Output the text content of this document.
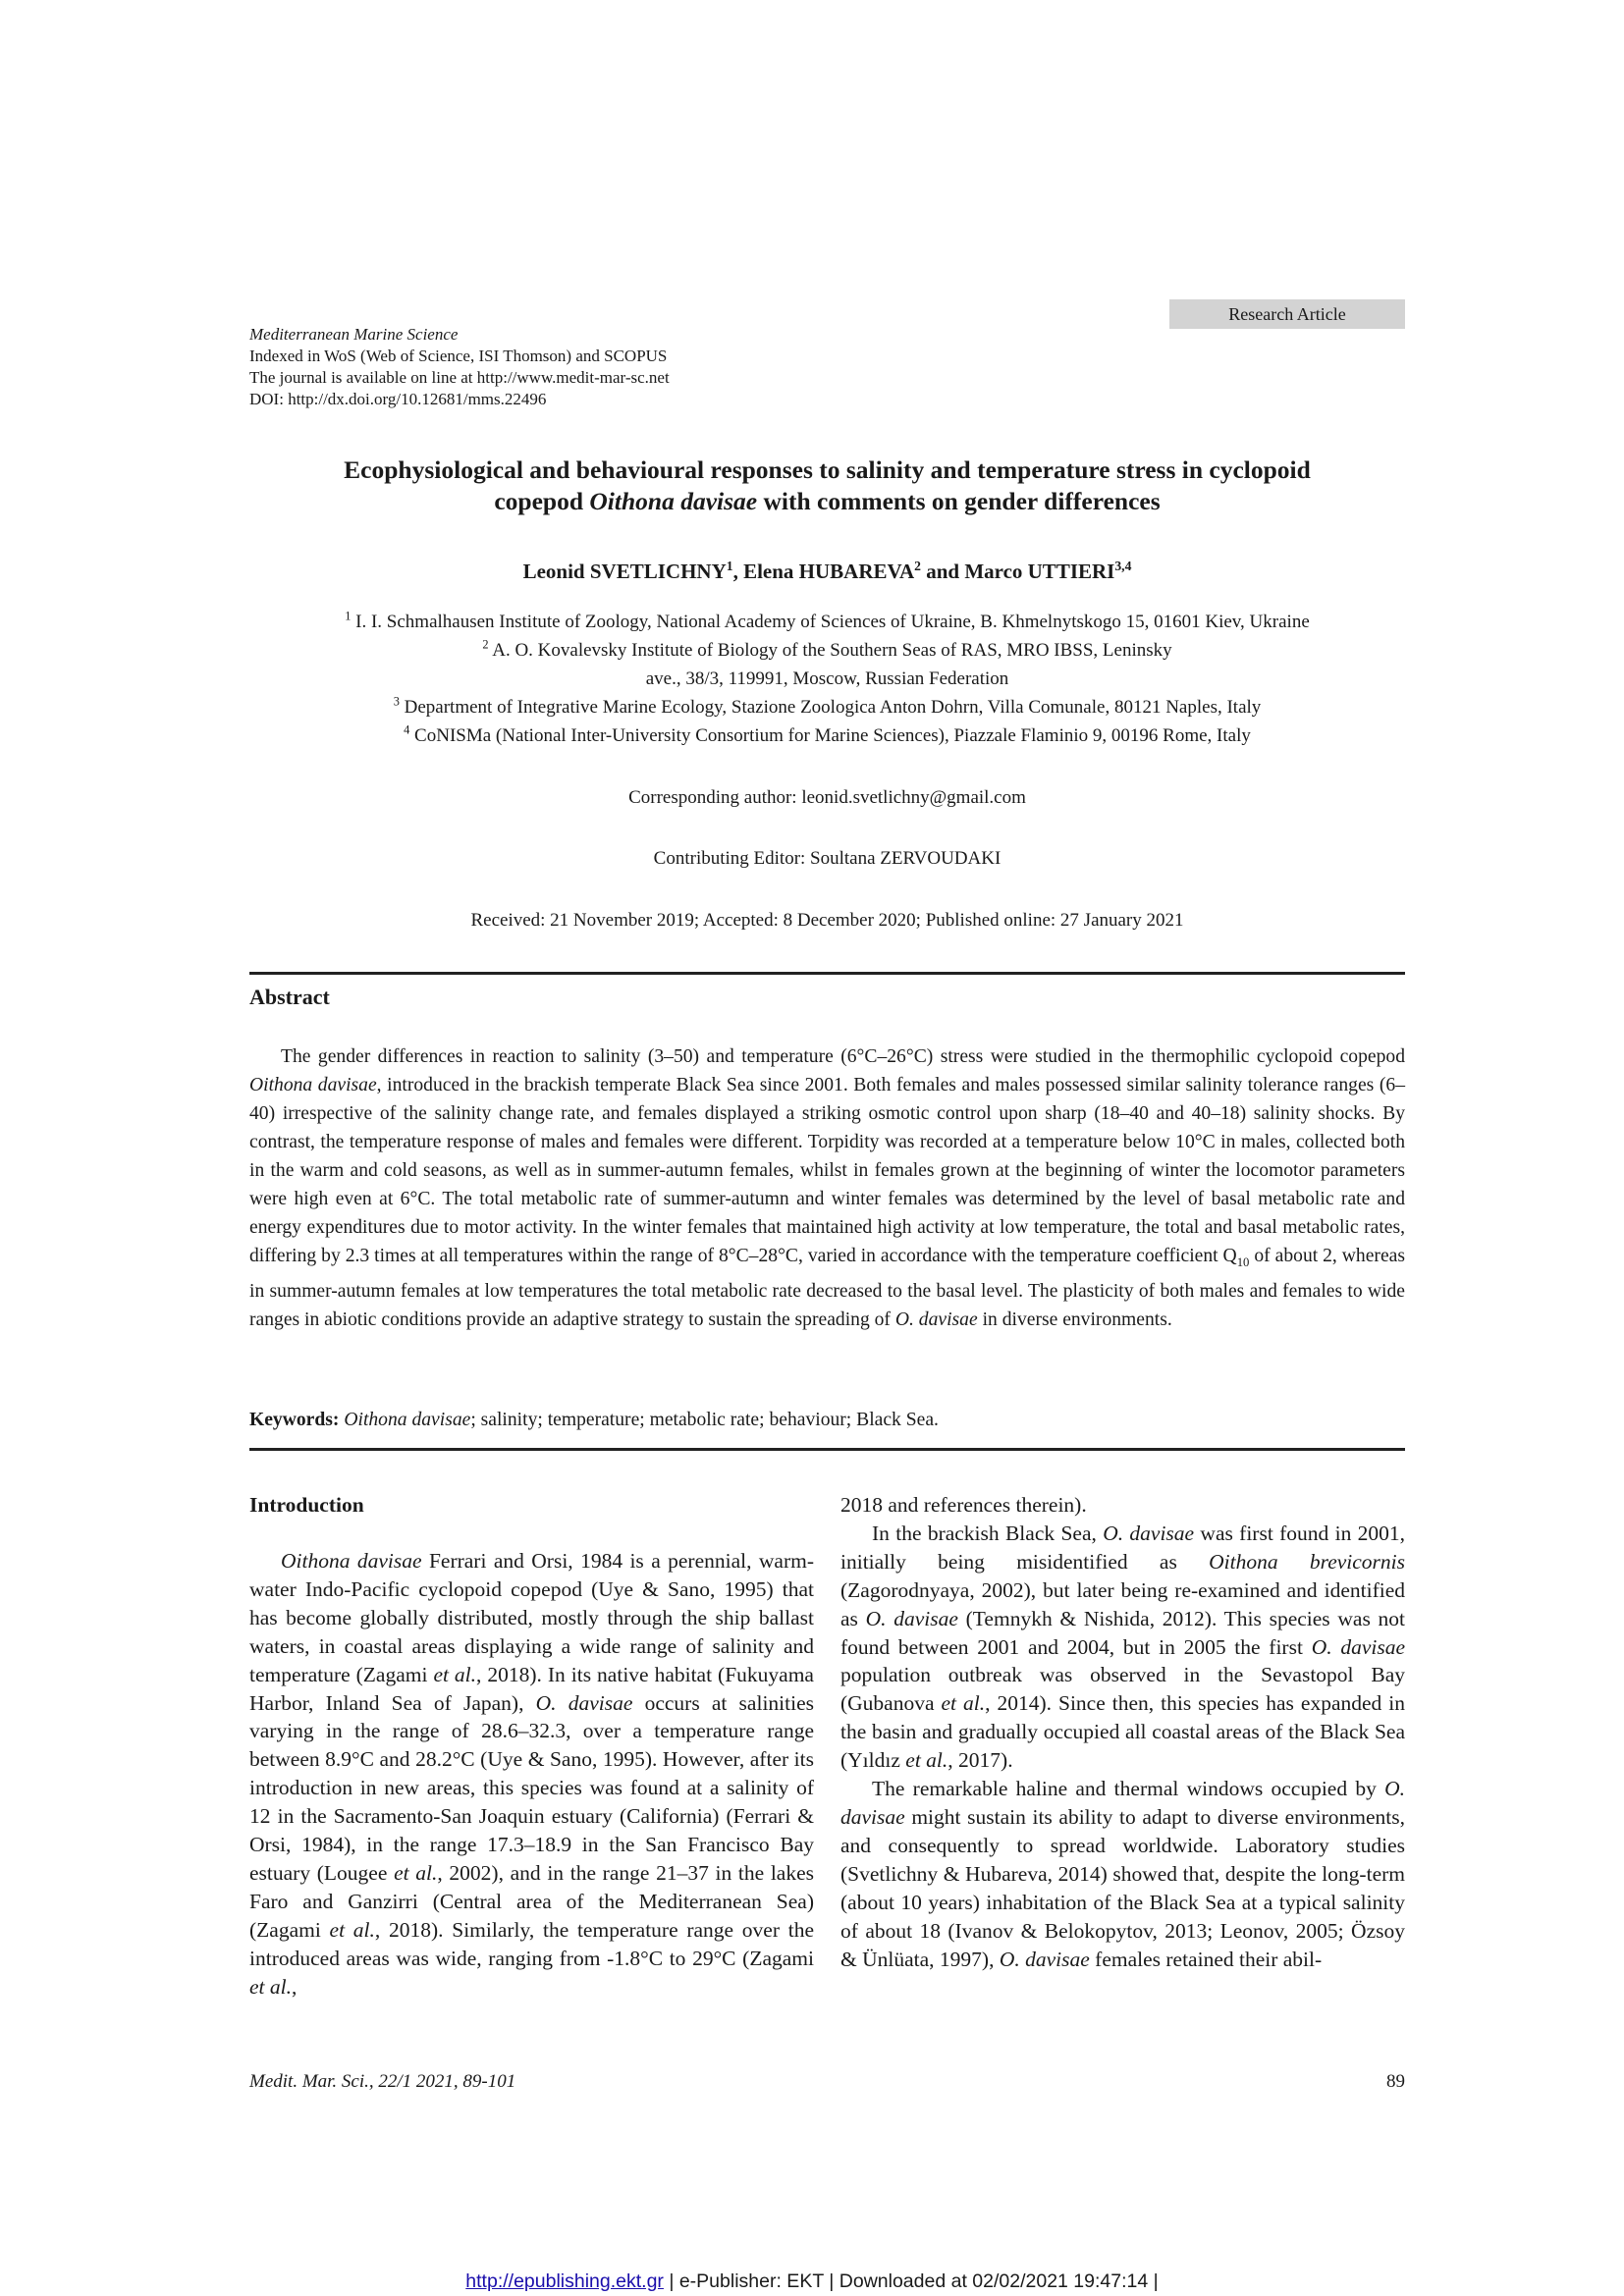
Mediterranean Marine Science
Indexed in WoS (Web of Science, ISI Thomson) and SCOPUS
The journal is available on line at http://www.medit-mar-sc.net
DOI: http://dx.doi.org/10.12681/mms.22496
Research Article
Ecophysiological and behavioural responses to salinity and temperature stress in cyclopoid
copepod Oithona davisae with comments on gender differences
Leonid SVETLICHNY$^1$, Elena HUBAREVA$^2$ and Marco UTTIERI$^{3,4}$
$^1$ I. I. Schmalhausen Institute of Zoology, National Academy of Sciences of Ukraine, B. Khmelnytskogo 15, 01601 Kiev, Ukraine
$^2$ A. O. Kovalevsky Institute of Biology of the Southern Seas of RAS, MRO IBSS, Leninsky
ave., 38/3, 119991, Moscow, Russian Federation
$^3$ Department of Integrative Marine Ecology, Stazione Zoologica Anton Dohrn, Villa Comunale, 80121 Naples, Italy
$^4$ CoNISMa (National Inter-University Consortium for Marine Sciences), Piazzale Flaminio 9, 00196 Rome, Italy
Corresponding author: leonid.svetlichny@gmail.com
Contributing Editor: Soultana ZERVOUDAKI
Received: 21 November 2019; Accepted: 8 December 2020; Published online: 27 January 2021
Abstract
The gender differences in reaction to salinity (3–50) and temperature (6°C–26°C) stress were studied in the thermophilic cyclopoid copepod Oithona davisae, introduced in the brackish temperate Black Sea since 2001. Both females and males possessed similar salinity tolerance ranges (6–40) irrespective of the salinity change rate, and females displayed a striking osmotic control upon sharp (18–40 and 40–18) salinity shocks. By contrast, the temperature response of males and females were different. Torpidity was recorded at a temperature below 10°C in males, collected both in the warm and cold seasons, as well as in summer-autumn females, whilst in females grown at the beginning of winter the locomotor parameters were high even at 6°C. The total metabolic rate of summer-autumn and winter females was determined by the level of basal metabolic rate and energy expenditures due to motor activity. In the winter females that maintained high activity at low temperature, the total and basal metabolic rates, differing by 2.3 times at all temperatures within the range of 8°C–28°C, varied in accordance with the temperature coefficient $Q_{10}$ of about 2, whereas in summer-autumn females at low temperatures the total metabolic rate decreased to the basal level. The plasticity of both males and females to wide ranges in abiotic conditions provide an adaptive strategy to sustain the spreading of O. davisae in diverse environments.
Keywords: Oithona davisae; salinity; temperature; metabolic rate; behaviour; Black Sea.
Introduction

Oithona davisae Ferrari and Orsi, 1984 is a perennial, warm-water Indo-Pacific cyclopoid copepod (Uye & Sano, 1995) that has become globally distributed, mostly through the ship ballast waters, in coastal areas displaying a wide range of salinity and temperature (Zagami et al., 2018). In its native habitat (Fukuyama Harbor, Inland Sea of Japan), O. davisae occurs at salinities varying in the range of 28.6–32.3, over a temperature range between 8.9°C and 28.2°C (Uye & Sano, 1995). However, after its introduction in new areas, this species was found at a salinity of 12 in the Sacramento-San Joaquin estuary (California) (Ferrari & Orsi, 1984), in the range 17.3–18.9 in the San Francisco Bay estuary (Lougee et al., 2002), and in the range 21–37 in the lakes Faro and Ganzirri (Central area of the Mediterranean Sea) (Zagami et al., 2018). Similarly, the temperature range over the introduced areas was wide, ranging from -1.8°C to 29°C (Zagami et al.,

2018 and references therein).

In the brackish Black Sea, O. davisae was first found in 2001, initially being misidentified as Oithona brevicornis (Zagorodnyaya, 2002), but later being re-examined and identified as O. davisae (Temnykh & Nishida, 2012). This species was not found between 2001 and 2004, but in 2005 the first O. davisae population outbreak was observed in the Sevastopol Bay (Gubanova et al., 2014). Since then, this species has expanded in the basin and gradually occupied all coastal areas of the Black Sea (Yıldız et al., 2017).

The remarkable haline and thermal windows occupied by O. davisae might sustain its ability to adapt to diverse environments, and consequently to spread worldwide. Laboratory studies (Svetlichny & Hubareva, 2014) showed that, despite the long-term (about 10 years) inhabitation of the Black Sea at a typical salinity of about 18 (Ivanov & Belokopytov, 2013; Leonov, 2005; Özsoy & Ünlüata, 1997), O. davisae females retained their abil-

Medit. Mar. Sci., 22/1 2021, 89-101	89
http://epublishing.ekt.gr | e-Publisher: EKT | Downloaded at 02/02/2021 19:47:14 |
